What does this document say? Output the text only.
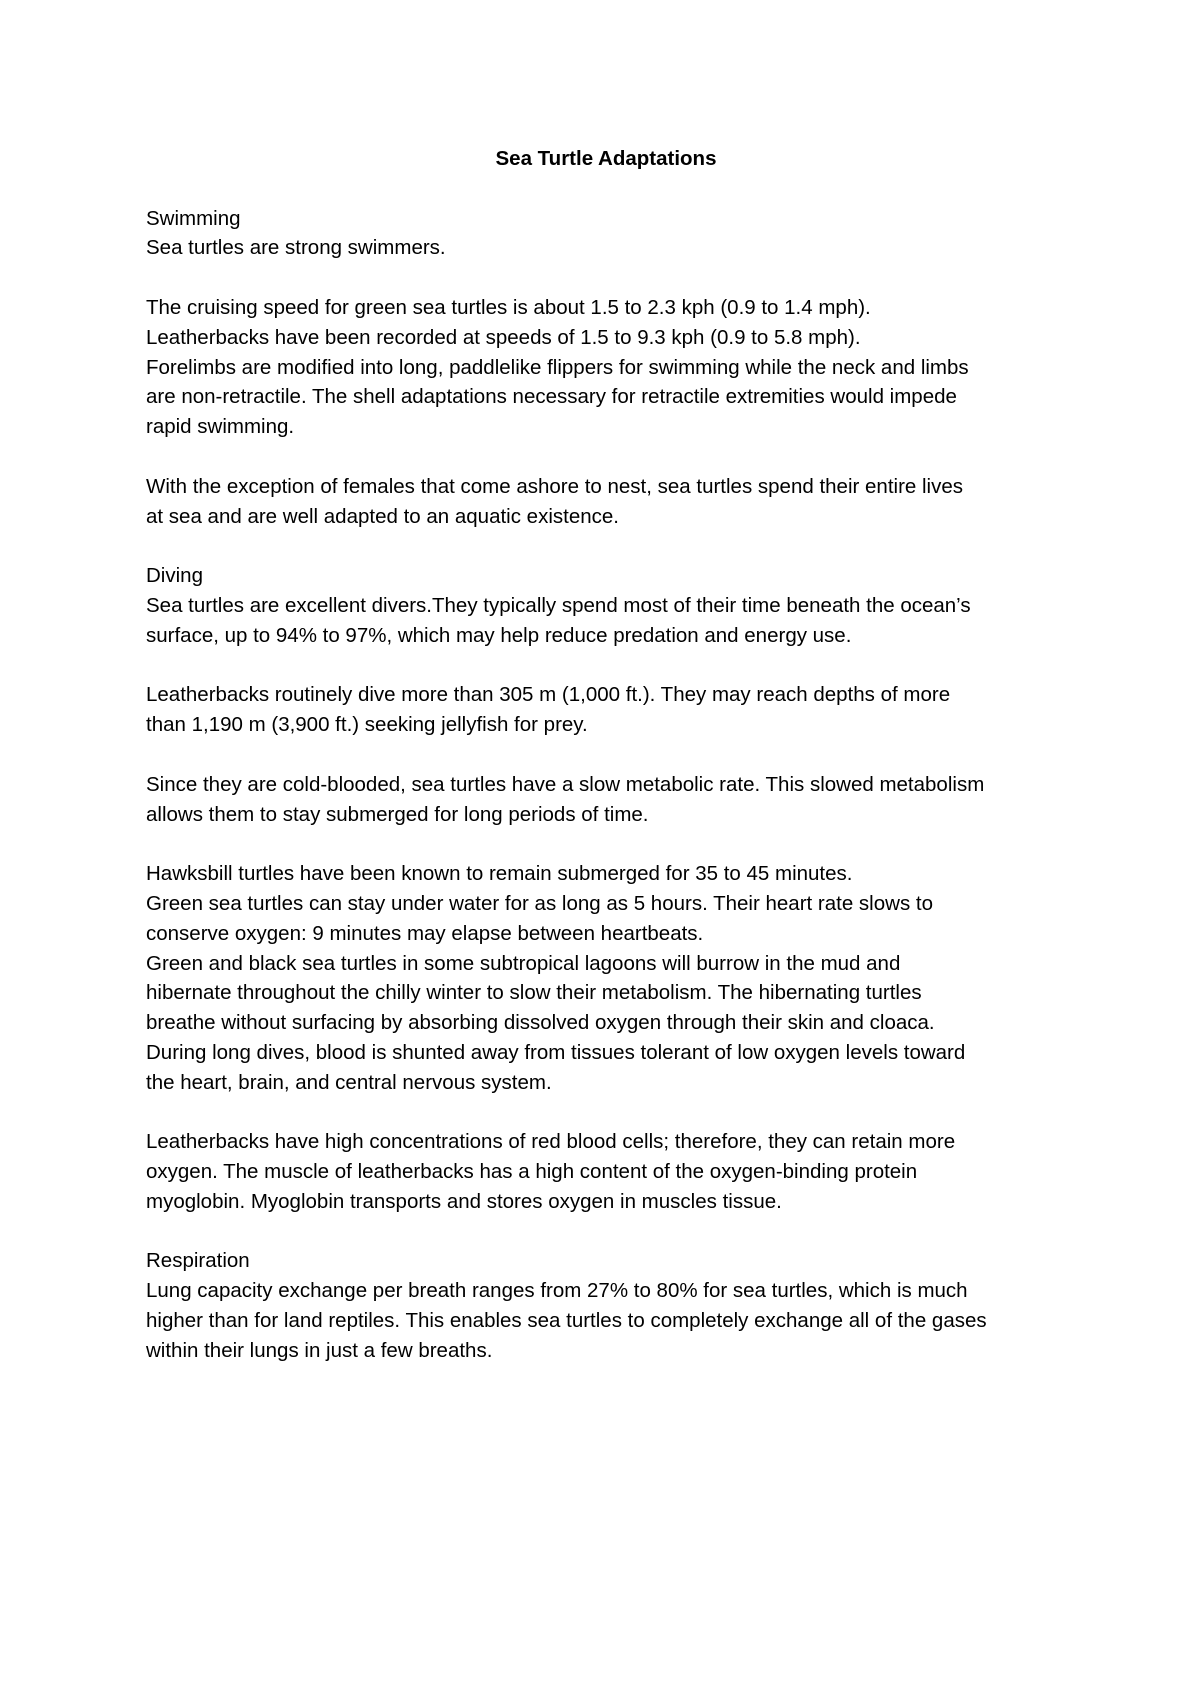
Sea Turtle Adaptations
Swimming
Sea turtles are strong swimmers.
The cruising speed for green sea turtles is about 1.5 to 2.3 kph (0.9 to 1.4 mph).
Leatherbacks have been recorded at speeds of 1.5 to 9.3 kph (0.9 to 5.8 mph).
Forelimbs are modified into long, paddlelike flippers for swimming while the neck and limbs
are non-retractile. The shell adaptations necessary for retractile extremities would impede
rapid swimming.
With the exception of females that come ashore to nest, sea turtles spend their entire lives
at sea and are well adapted to an aquatic existence.
Diving
Sea turtles are excellent divers.They typically spend most of their time beneath the ocean’s
surface, up to 94% to 97%, which may help reduce predation and energy use.
Leatherbacks routinely dive more than 305 m (1,000 ft.). They may reach depths of more
than 1,190 m (3,900 ft.) seeking jellyfish for prey.
Since they are cold-blooded, sea turtles have a slow metabolic rate. This slowed metabolism
allows them to stay submerged for long periods of time.
Hawksbill turtles have been known to remain submerged for 35 to 45 minutes.
Green sea turtles can stay under water for as long as 5 hours. Their heart rate slows to
conserve oxygen: 9 minutes may elapse between heartbeats.
Green and black sea turtles in some subtropical lagoons will burrow in the mud and
hibernate throughout the chilly winter to slow their metabolism. The hibernating turtles
breathe without surfacing by absorbing dissolved oxygen through their skin and cloaca.
During long dives, blood is shunted away from tissues tolerant of low oxygen levels toward
the heart, brain, and central nervous system.
Leatherbacks have high concentrations of red blood cells; therefore, they can retain more
oxygen. The muscle of leatherbacks has a high content of the oxygen-binding protein
myoglobin. Myoglobin transports and stores oxygen in muscles tissue.
Respiration
Lung capacity exchange per breath ranges from 27% to 80% for sea turtles, which is much
higher than for land reptiles. This enables sea turtles to completely exchange all of the gases
within their lungs in just a few breaths.
